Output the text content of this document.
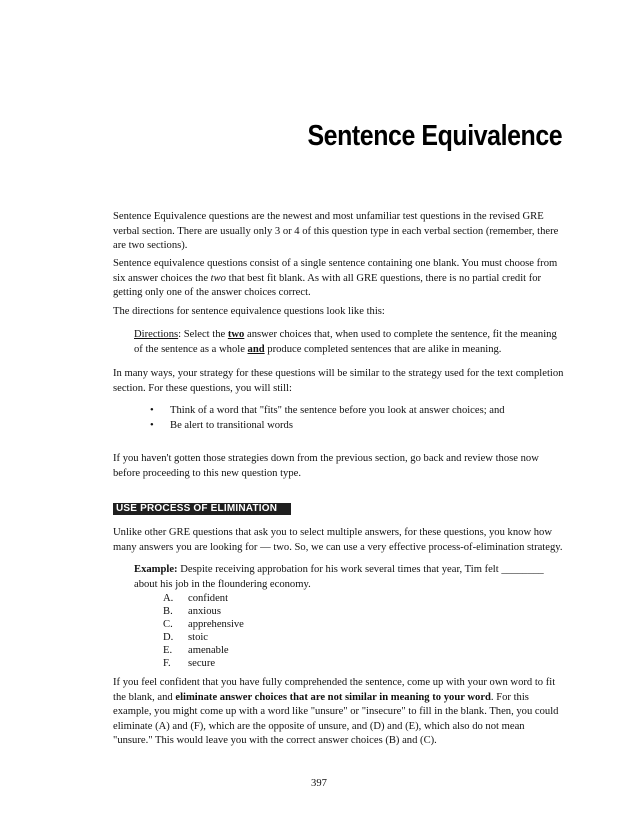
Sentence Equivalence

Sentence Equivalence questions are the newest and most unfamiliar test questions in the revised GRE verbal section. There are usually only 3 or 4 of this question type in each verbal section (remember, there are two sections).

Sentence equivalence questions consist of a single sentence containing one blank. You must choose from six answer choices the two that best fit blank. As with all GRE questions, there is no partial credit for getting only one of the answer choices correct.

The directions for sentence equivalence questions look like this:

Directions: Select the two answer choices that, when used to complete the sentence, fit the meaning of the sentence as a whole and produce completed sentences that are alike in meaning.

In many ways, your strategy for these questions will be similar to the strategy used for the text completion section. For these questions, you will still:

• Think of a word that "fits" the sentence before you look at answer choices; and
• Be alert to transitional words

If you haven't gotten those strategies down from the previous section, go back and review those now before proceeding to this new question type.

USE PROCESS OF ELIMINATION

Unlike other GRE questions that ask you to select multiple answers, for these questions, you know how many answers you are looking for — two. So, we can use a very effective process-of-elimination strategy.

Example: Despite receiving approbation for his work several times that year, Tim felt ________ about his job in the floundering economy.

A.	confident
B.	anxious
C.	apprehensive
D.	stoic
E.	amenable
F.	secure

If you feel confident that you have fully comprehended the sentence, come up with your own word to fit the blank, and eliminate answer choices that are not similar in meaning to your word. For this example, you might come up with a word like "unsure" or "insecure" to fill in the blank. Then, you could eliminate (A) and (F), which are the opposite of unsure, and (D) and (E), which also do not mean "unsure." This would leave you with the correct answer choices (B) and (C).

397
